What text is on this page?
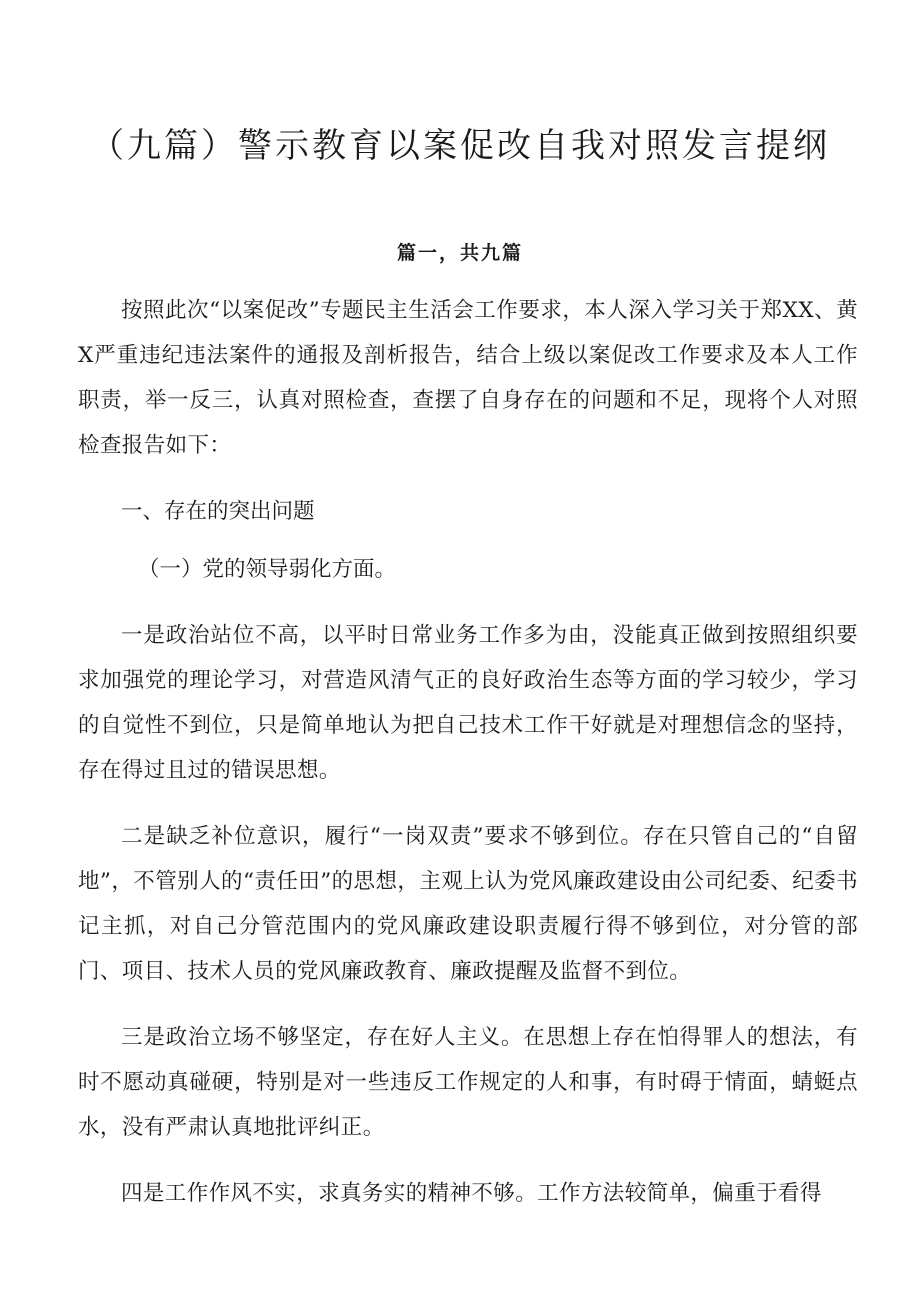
（九篇）警示教育以案促改自我对照发言提纲
篇一，共九篇

按照此次“以案促改”专题民主生活会工作要求，本人深入学习关于郑XX、黄X严重违纪违法案件的通报及剖析报告，结合上级以案促改工作要求及本人工作职责，举一反三，认真对照检查，查摆了自身存在的问题和不足，现将个人对照检查报告如下：

一、存在的突出问题

（一）党的领导弱化方面。

一是政治站位不高，以平时日常业务工作多为由，没能真正做到按照组织要求加强党的理论学习，对营造风清气正的良好政治生态等方面的学习较少，学习的自觉性不到位，只是简单地认为把自己技术工作干好就是对理想信念的坚持，存在得过且过的错误思想。

二是缺乏补位意识，履行“一岗双责”要求不够到位。存在只管自己的“自留地”，不管别人的“责任田”的思想，主观上认为党风廉政建设由公司纪委、纪委书记主抓，对自己分管范围内的党风廉政建设职责履行得不够到位，对分管的部门、项目、技术人员的党风廉政教育、廉政提醒及监督不到位。

三是政治立场不够坚定，存在好人主义。在思想上存在怕得罪人的想法，有时不愿动真碰硬，特别是对一些违反工作规定的人和事，有时碍于情面，蜻蜓点水，没有严肃认真地批评纠正。

四是工作作风不实，求真务实的精神不够。工作方法较简单，偏重于看得
